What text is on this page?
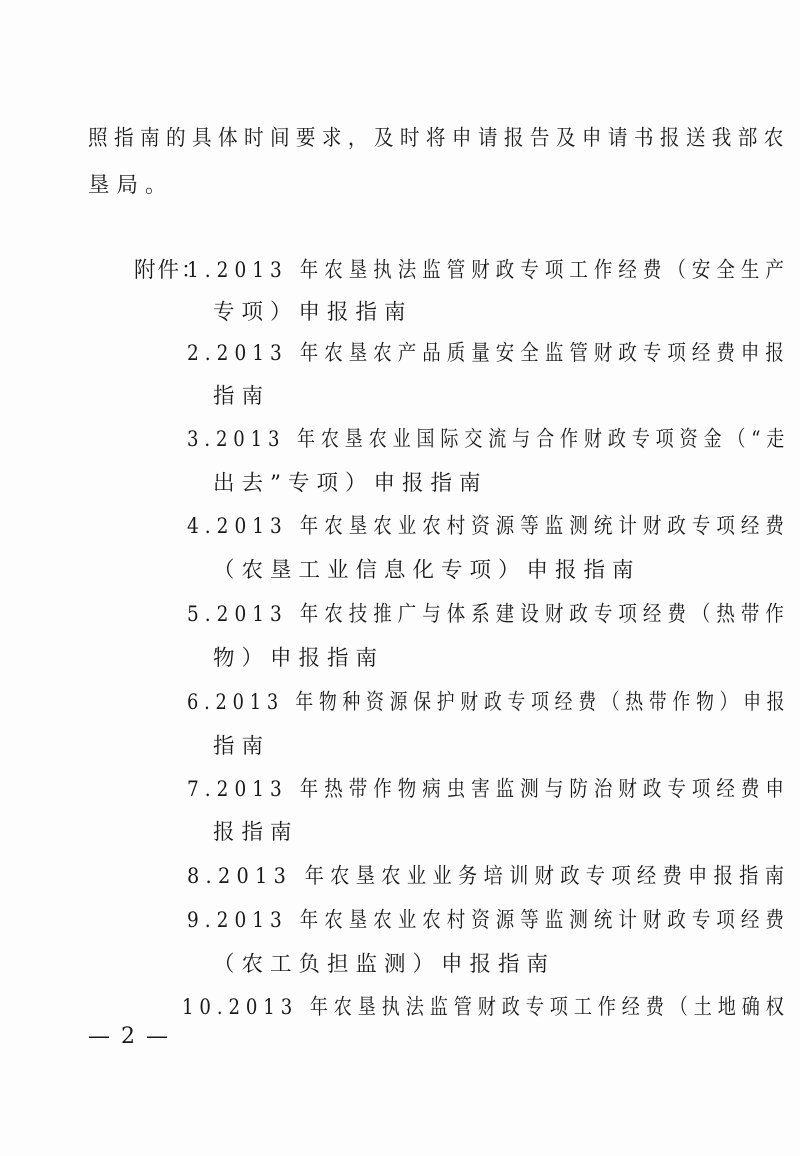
照指南的具体时间要求，及时将申请报告及申请书报送我部农
垦局。
附件：
1.2013 年农垦执法监管财政专项工作经费（安全生产
专项）申报指南
2.2013 年农垦农产品质量安全监管财政专项经费申报
指南
3.2013 年农垦农业国际交流与合作财政专项资金（“走
出去”专项）申报指南
4.2013 年农垦农业农村资源等监测统计财政专项经费
（农垦工业信息化专项）申报指南
5.2013 年农技推广与体系建设财政专项经费（热带作
物）申报指南
6.2013 年物种资源保护财政专项经费（热带作物）申报
指南
7.2013 年热带作物病虫害监测与防治财政专项经费申
报指南
8.2013 年农垦农业业务培训财政专项经费申报指南
9.2013 年农垦农业农村资源等监测统计财政专项经费
（农工负担监测）申报指南
10.2013 年农垦执法监管财政专项工作经费（土地确权
— 2 —
